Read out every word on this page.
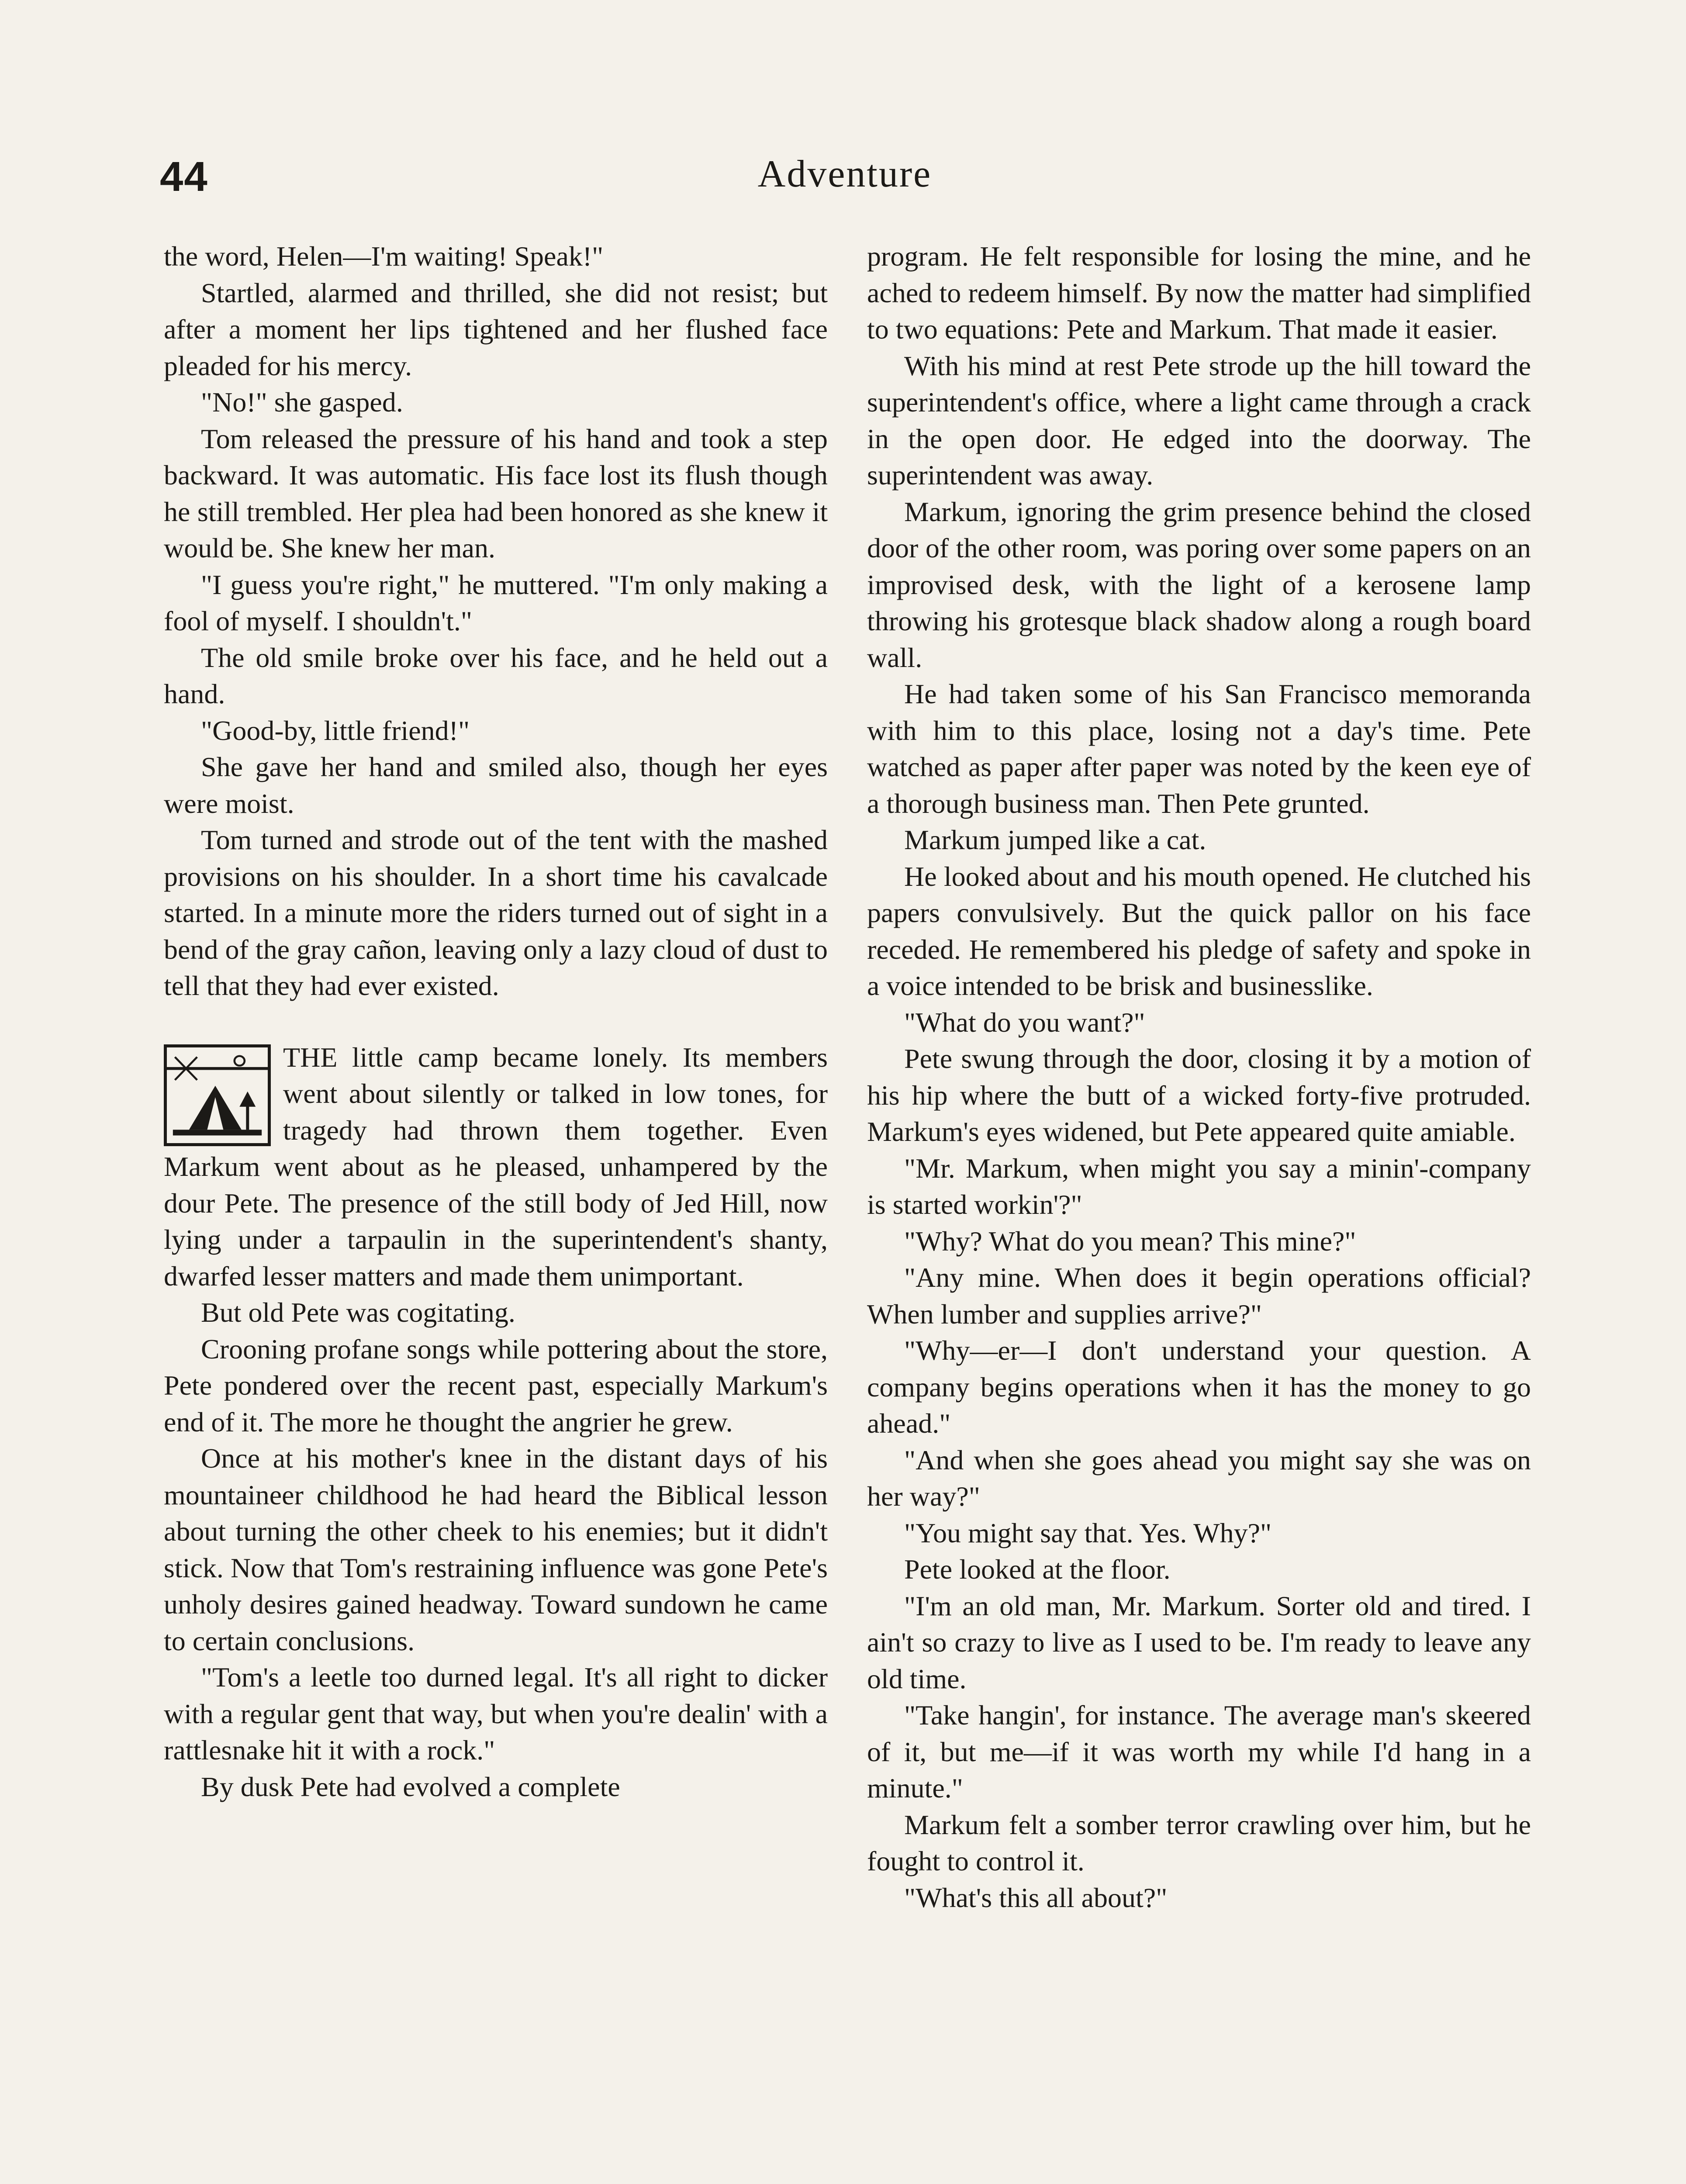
44	Adventure

the word, Helen—I'm waiting! Speak!"

Startled, alarmed and thrilled, she did not resist; but after a moment her lips tightened and her flushed face pleaded for his mercy.

"No!" she gasped.

Tom released the pressure of his hand and took a step backward. It was automatic. His face lost its flush though he still trembled. Her plea had been honored as she knew it would be. She knew her man.

"I guess you're right," he muttered. "I'm only making a fool of myself. I shouldn't."

The old smile broke over his face, and he held out a hand.

"Good-by, little friend!"

She gave her hand and smiled also, though her eyes were moist.

Tom turned and strode out of the tent with the mashed provisions on his shoulder. In a short time his cavalcade started. In a minute more the riders turned out of sight in a bend of the gray cañon, leaving only a lazy cloud of dust to tell that they had ever existed.

THE little camp became lonely. Its members went about silently or talked in low tones, for tragedy had thrown them together. Even Markum went about as he pleased, unhampered by the dour Pete. The presence of the still body of Jed Hill, now lying under a tarpaulin in the superintendent's shanty, dwarfed lesser matters and made them unimportant.

But old Pete was cogitating.

Crooning profane songs while pottering about the store, Pete pondered over the recent past, especially Markum's end of it. The more he thought the angrier he grew.

Once at his mother's knee in the distant days of his mountaineer childhood he had heard the Biblical lesson about turning the other cheek to his enemies; but it didn't stick. Now that Tom's restraining influence was gone Pete's unholy desires gained headway. Toward sundown he came to certain conclusions.

"Tom's a leetle too durned legal. It's all right to dicker with a regular gent that way, but when you're dealin' with a rattlesnake hit it with a rock."

By dusk Pete had evolved a complete

program. He felt responsible for losing the mine, and he ached to redeem himself. By now the matter had simplified to two equations: Pete and Markum. That made it easier.

With his mind at rest Pete strode up the hill toward the superintendent's office, where a light came through a crack in the open door. He edged into the doorway. The superintendent was away.

Markum, ignoring the grim presence behind the closed door of the other room, was poring over some papers on an improvised desk, with the light of a kerosene lamp throwing his grotesque black shadow along a rough board wall.

He had taken some of his San Francisco memoranda with him to this place, losing not a day's time. Pete watched as paper after paper was noted by the keen eye of a thorough business man. Then Pete grunted.

Markum jumped like a cat.

He looked about and his mouth opened. He clutched his papers convulsively. But the quick pallor on his face receded. He remembered his pledge of safety and spoke in a voice intended to be brisk and businesslike.

"What do you want?"

Pete swung through the door, closing it by a motion of his hip where the butt of a wicked forty-five protruded. Markum's eyes widened, but Pete appeared quite amiable.

"Mr. Markum, when might you say a minin'-company is started workin'?"

"Why? What do you mean? This mine?"

"Any mine. When does it begin operations official? When lumber and supplies arrive?"

"Why—er—I don't understand your question. A company begins operations when it has the money to go ahead."

"And when she goes ahead you might say she was on her way?"

"You might say that. Yes. Why?"

Pete looked at the floor.

"I'm an old man, Mr. Markum. Sorter old and tired. I ain't so crazy to live as I used to be. I'm ready to leave any old time.

"Take hangin', for instance. The average man's skeered of it, but me—if it was worth my while I'd hang in a minute."

Markum felt a somber terror crawling over him, but he fought to control it.

"What's this all about?"
